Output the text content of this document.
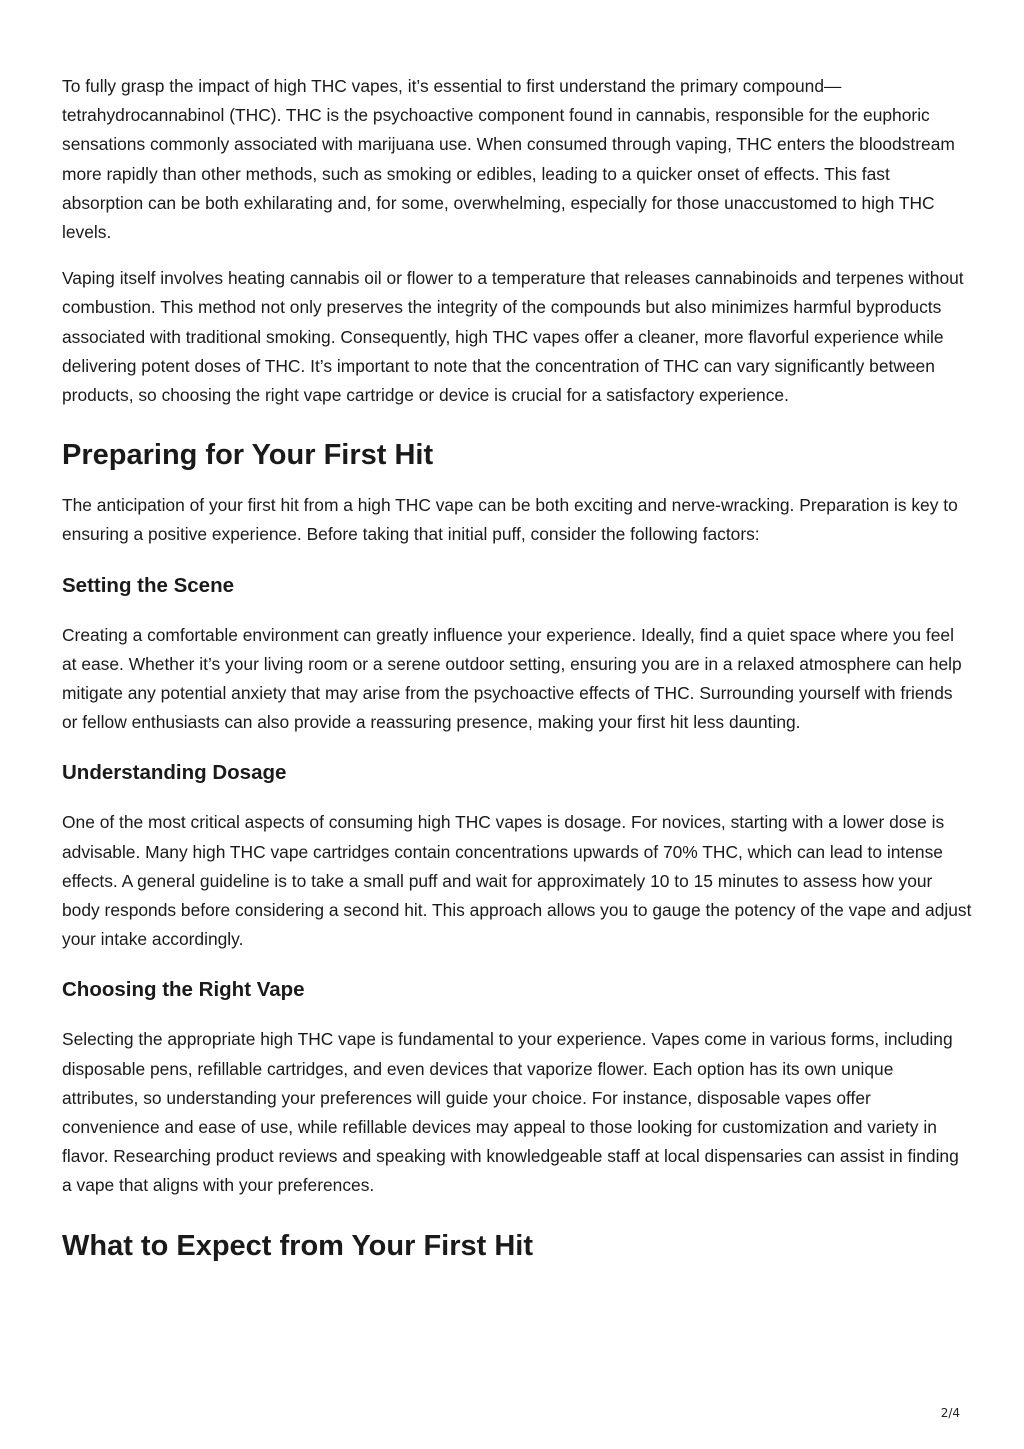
To fully grasp the impact of high THC vapes, it’s essential to first understand the primary compound—tetrahydrocannabinol (THC). THC is the psychoactive component found in cannabis, responsible for the euphoric sensations commonly associated with marijuana use. When consumed through vaping, THC enters the bloodstream more rapidly than other methods, such as smoking or edibles, leading to a quicker onset of effects. This fast absorption can be both exhilarating and, for some, overwhelming, especially for those unaccustomed to high THC levels.

Vaping itself involves heating cannabis oil or flower to a temperature that releases cannabinoids and terpenes without combustion. This method not only preserves the integrity of the compounds but also minimizes harmful byproducts associated with traditional smoking. Consequently, high THC vapes offer a cleaner, more flavorful experience while delivering potent doses of THC. It’s important to note that the concentration of THC can vary significantly between products, so choosing the right vape cartridge or device is crucial for a satisfactory experience.

Preparing for Your First Hit

The anticipation of your first hit from a high THC vape can be both exciting and nerve-wracking. Preparation is key to ensuring a positive experience. Before taking that initial puff, consider the following factors:

Setting the Scene

Creating a comfortable environment can greatly influence your experience. Ideally, find a quiet space where you feel at ease. Whether it’s your living room or a serene outdoor setting, ensuring you are in a relaxed atmosphere can help mitigate any potential anxiety that may arise from the psychoactive effects of THC. Surrounding yourself with friends or fellow enthusiasts can also provide a reassuring presence, making your first hit less daunting.

Understanding Dosage

One of the most critical aspects of consuming high THC vapes is dosage. For novices, starting with a lower dose is advisable. Many high THC vape cartridges contain concentrations upwards of 70% THC, which can lead to intense effects. A general guideline is to take a small puff and wait for approximately 10 to 15 minutes to assess how your body responds before considering a second hit. This approach allows you to gauge the potency of the vape and adjust your intake accordingly.

Choosing the Right Vape

Selecting the appropriate high THC vape is fundamental to your experience. Vapes come in various forms, including disposable pens, refillable cartridges, and even devices that vaporize flower. Each option has its own unique attributes, so understanding your preferences will guide your choice. For instance, disposable vapes offer convenience and ease of use, while refillable devices may appeal to those looking for customization and variety in flavor. Researching product reviews and speaking with knowledgeable staff at local dispensaries can assist in finding a vape that aligns with your preferences.

What to Expect from Your First Hit
2/4
